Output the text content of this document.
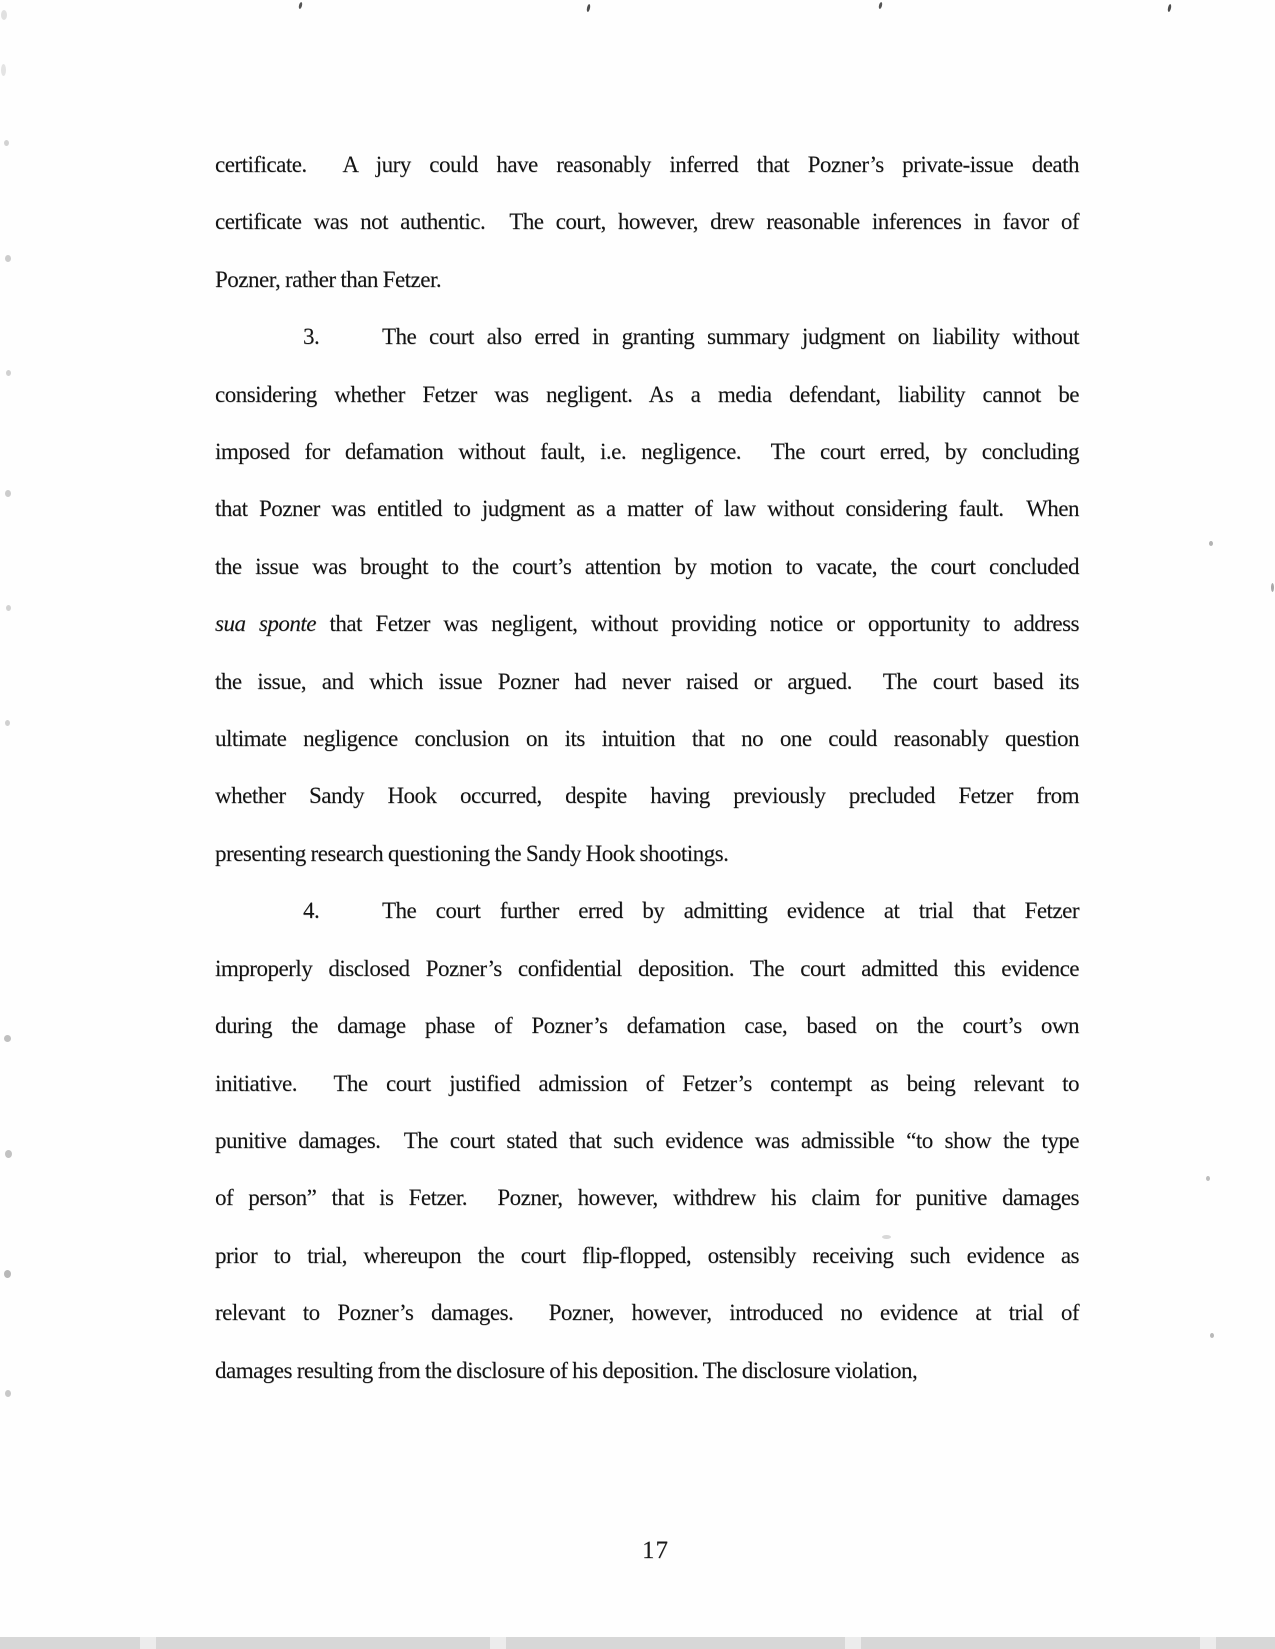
certificate.  A jury could have reasonably inferred that Pozner’s private-issue death
certificate was not authentic.  The court, however, drew reasonable inferences in favor of
Pozner, rather than Fetzer.
3.	The court also erred in granting summary judgment on liability without
considering whether Fetzer was negligent. As a media defendant, liability cannot be
imposed for defamation without fault, i.e. negligence.  The court erred, by concluding
that Pozner was entitled to judgment as a matter of law without considering fault.  When
the issue was brought to the court’s attention by motion to vacate, the court concluded
sua sponte that Fetzer was negligent, without providing notice or opportunity to address
the issue, and which issue Pozner had never raised or argued.  The court based its
ultimate negligence conclusion on its intuition that no one could reasonably question
whether Sandy Hook occurred, despite having previously precluded Fetzer from
presenting research questioning the Sandy Hook shootings.
4.	The court further erred by admitting evidence at trial that Fetzer
improperly disclosed Pozner’s confidential deposition. The court admitted this evidence
during the damage phase of Pozner’s defamation case, based on the court’s own
initiative.  The court justified admission of Fetzer’s contempt as being relevant to
punitive damages.  The court stated that such evidence was admissible “to show the type
of person” that is Fetzer.  Pozner, however, withdrew his claim for punitive damages
prior to trial, whereupon the court flip-flopped, ostensibly receiving such evidence as
relevant to Pozner’s damages.  Pozner, however, introduced no evidence at trial of
damages resulting from the disclosure of his deposition. The disclosure violation,
17
